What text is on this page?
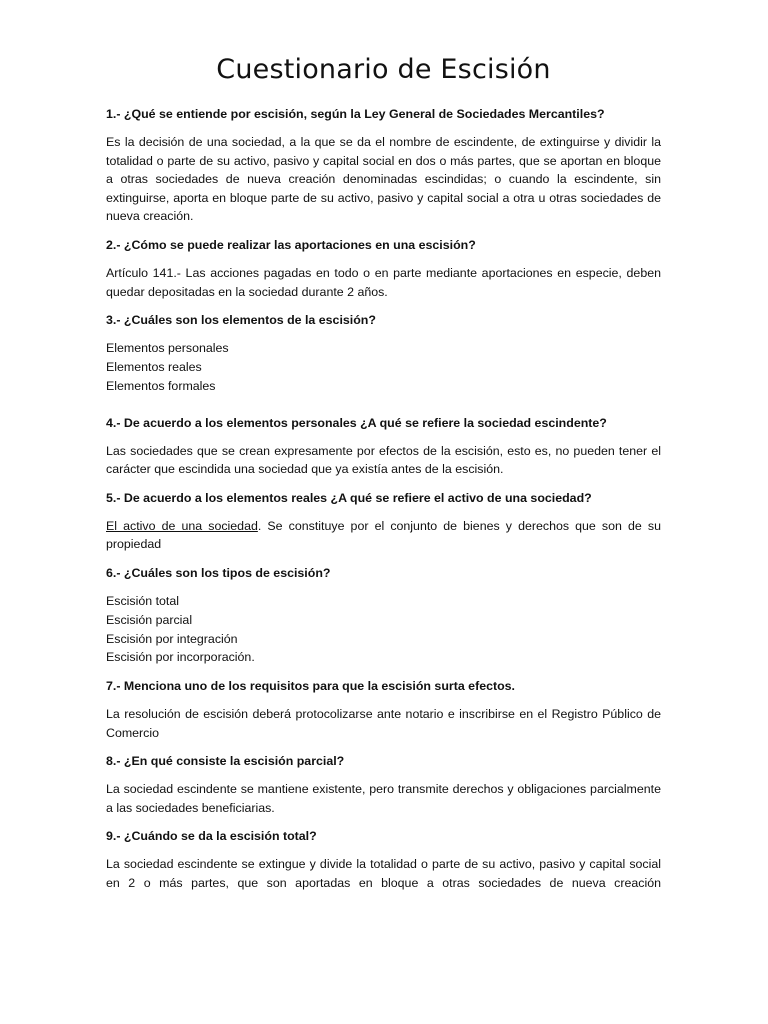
Cuestionario de Escisión
1.- ¿Qué se entiende por escisión, según la Ley General de Sociedades Mercantiles?
Es la decisión de una sociedad, a la que se da el nombre de escindente, de extinguirse y dividir la totalidad o parte de su activo, pasivo y capital social en dos o más partes, que se aportan en bloque a otras sociedades de nueva creación denominadas escindidas; o cuando la escindente, sin extinguirse, aporta en bloque parte de su activo, pasivo y capital social a otra u otras sociedades de nueva creación.
2.- ¿Cómo se puede realizar las aportaciones en una escisión?
Artículo 141.- Las acciones pagadas en todo o en parte mediante aportaciones en especie, deben quedar depositadas en la sociedad durante 2 años.
3.- ¿Cuáles son los elementos de la escisión?
Elementos personales
Elementos reales
Elementos formales
4.- De acuerdo a los elementos personales ¿A qué se refiere la sociedad escindente?
Las sociedades que se crean expresamente por efectos de la escisión, esto es, no pueden tener el carácter que escindida una sociedad que ya existía antes de la escisión.
5.- De acuerdo a los elementos reales ¿A qué se refiere el activo de una sociedad?
El activo de una sociedad. Se constituye por el conjunto de bienes y derechos que son de su propiedad
6.- ¿Cuáles son los tipos de escisión?
Escisión total
Escisión parcial
Escisión por integración
Escisión por incorporación.
7.- Menciona uno de los requisitos para que la escisión surta efectos.
La resolución de escisión deberá protocolizarse ante notario e inscribirse en el Registro Público de Comercio
8.- ¿En qué consiste la escisión parcial?
La sociedad escindente se mantiene existente, pero transmite derechos y obligaciones parcialmente a las sociedades beneficiarias.
9.- ¿Cuándo se da la escisión total?
La sociedad escindente se extingue y divide la totalidad o parte de su activo, pasivo y capital social en 2 o más partes, que son aportadas en bloque a otras sociedades de nueva creación
